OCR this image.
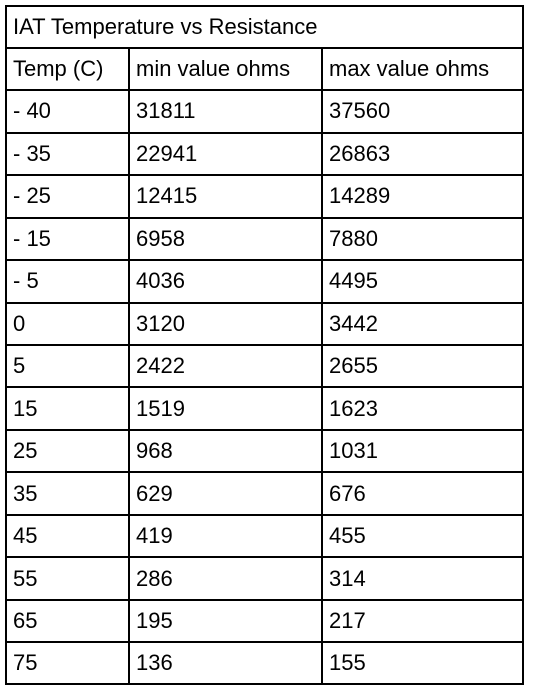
IAT Temperature vs Resistance		
Temp (C)	min value ohms	max value ohms
- 40	31811	37560
- 35	22941	26863
- 25	12415	14289
- 15	6958	7880
- 5	4036	4495
0	3120	3442
5	2422	2655
15	1519	1623
25	968	1031
35	629	676
45	419	455
55	286	314
65	195	217
75	136	155
